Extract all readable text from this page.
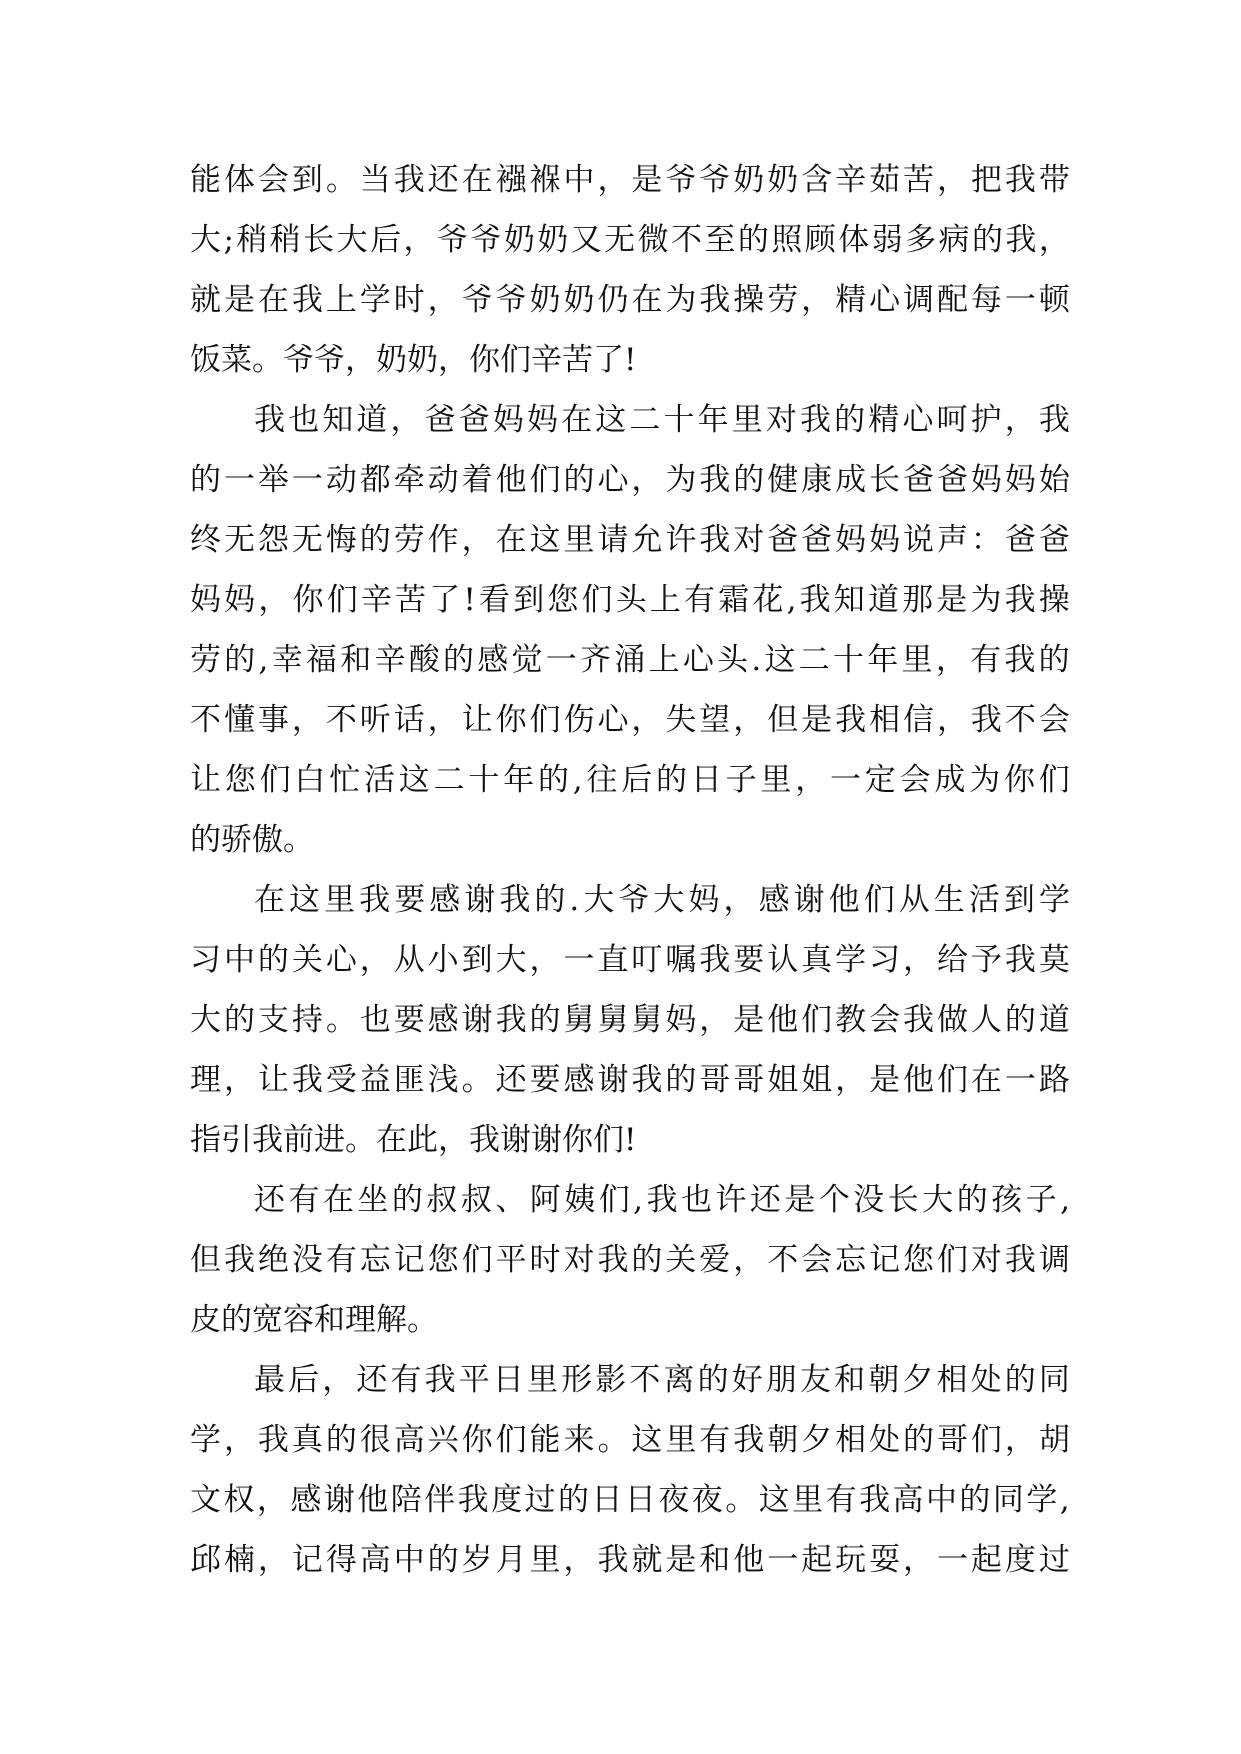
能 体 会 到 。 当 我 还 在 襁 褓 中 ， 是 爷 爷 奶 奶 含 辛 茹 苦 ， 把 我 带
大 ; 稍 稍 长 大 后 ， 爷 爷 奶 奶 又 无 微 不 至 的 照 顾 体 弱 多 病 的 我 ，
就 是 在 我 上 学 时 ， 爷 爷 奶 奶 仍 在 为 我 操 劳 ， 精 心 调 配 每 一 顿
饭菜。爷爷，奶奶，你们辛苦了!
我 也 知 道 ， 爸 爸 妈 妈 在 这 二 十 年 里 对 我 的 精 心 呵 护 ， 我
的 一 举 一 动 都 牵 动 着 他 们 的 心 ， 为 我 的 健 康 成 长 爸 爸 妈 妈 始
终 无 怨 无 悔 的 劳 作 ， 在 这 里 请 允 许 我 对 爸 爸 妈 妈 说 声 ： 爸 爸
妈 妈 ， 你 们 辛 苦 了 ! 看 到 您 们 头 上 有 霜 花 , 我 知 道 那 是 为 我 操
劳 的 , 幸 福 和 辛 酸 的 感 觉 一 齐 涌 上 心 头 . 这 二 十 年 里 ， 有 我 的
不 懂 事 ， 不 听 话 ， 让 你 们 伤 心 ， 失 望 ， 但 是 我 相 信 ， 我 不 会
让 您 们 白 忙 活 这 二 十 年 的 , 往 后 的 日 子 里 ， 一 定 会 成 为 你 们
的骄傲。
在 这 里 我 要 感 谢 我 的 . 大 爷 大 妈 ， 感 谢 他 们 从 生 活 到 学
习 中 的 关 心 ， 从 小 到 大 ， 一 直 叮 嘱 我 要 认 真 学 习 ， 给 予 我 莫
大 的 支 持 。 也 要 感 谢 我 的 舅 舅 舅 妈 ， 是 他 们 教 会 我 做 人 的 道
理 ， 让 我 受 益 匪 浅 。 还 要 感 谢 我 的 哥 哥 姐 姐 ， 是 他 们 在 一 路
指引我前进。在此，我谢谢你们!
还 有 在 坐 的 叔 叔 、 阿 姨 们 , 我 也 许 还 是 个 没 长 大 的 孩 子 ,
但 我 绝 没 有 忘 记 您 们 平 时 对 我 的 关 爱 ， 不 会 忘 记 您 们 对 我 调
皮的宽容和理解。
最 后 ， 还 有 我 平 日 里 形 影 不 离 的 好 朋 友 和 朝 夕 相 处 的 同
学 ， 我 真 的 很 高 兴 你 们 能 来 。 这 里 有 我 朝 夕 相 处 的 哥 们 ， 胡
文 权 ， 感 谢 他 陪 伴 我 度 过 的 日 日 夜 夜 。 这 里 有 我 高 中 的 同 学 ,
邱 楠 ， 记 得 高 中 的 岁 月 里 ， 我 就 是 和 他 一 起 玩 耍 ， 一 起 度 过
